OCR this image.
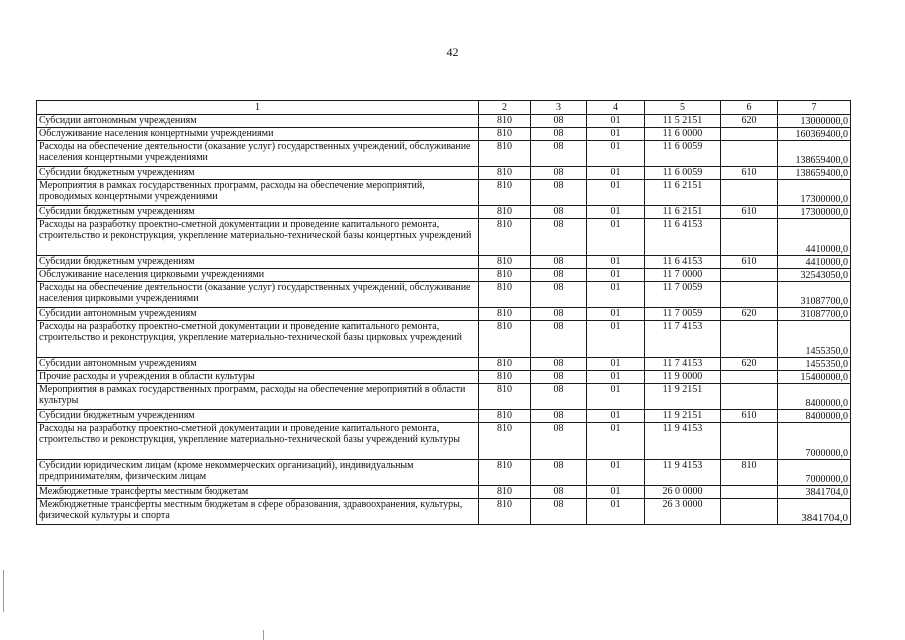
42
1	2	3	4	5	6	7
Субсидии автономным учреждениям	810	08	01	11 5 2151	620	13000000,0
Обслуживание населения концертными учреждениями	810	08	01	11 6 0000		160369400,0
Расходы на обеспечение деятельности (оказание услуг) государственных учреждений, обслуживание населения концертными учреждениями	810	08	01	11 6 0059		138659400,0
Субсидии бюджетным учреждениям	810	08	01	11 6 0059	610	138659400,0
Мероприятия в рамках государственных программ, расходы на обеспечение мероприятий, проводимых концертными учреждениями	810	08	01	11 6 2151		17300000,0
Субсидии бюджетным учреждениям	810	08	01	11 6 2151	610	17300000,0
Расходы на разработку проектно-сметной документации и проведение капитального ремонта, строительство и реконструкция, укрепление материально-технической базы концертных учреждений	810	08	01	11 6 4153		4410000,0
Субсидии бюджетным учреждениям	810	08	01	11 6 4153	610	4410000,0
Обслуживание населения цирковыми учреждениями	810	08	01	11 7 0000		32543050,0
Расходы на обеспечение деятельности (оказание услуг) государственных учреждений, обслуживание населения цирковыми учреждениями	810	08	01	11 7 0059		31087700,0
Субсидии автономным учреждениям	810	08	01	11 7 0059	620	31087700,0
Расходы на разработку проектно-сметной документации и проведение капитального ремонта, строительство и реконструкция, укрепление материально-технической базы цирковых учреждений	810	08	01	11 7 4153		1455350,0
Субсидии автономным учреждениям	810	08	01	11 7 4153	620	1455350,0
Прочие расходы и учреждения в области культуры	810	08	01	11 9 0000		15400000,0
Мероприятия в рамках государственных программ, расходы на обеспечение мероприятий в области культуры	810	08	01	11 9 2151		8400000,0
Субсидии бюджетным учреждениям	810	08	01	11 9 2151	610	8400000,0
Расходы на разработку проектно-сметной документации и проведение капитального ремонта, строительство и реконструкция, укрепление материально-технической базы учреждений культуры	810	08	01	11 9 4153		7000000,0
Субсидии юридическим лицам (кроме некоммерческих организаций), индивидуальным предпринимателям, физическим лицам	810	08	01	11 9 4153	810	7000000,0
Межбюджетные трансферты местным бюджетам	810	08	01	26 0 0000		3841704,0
Межбюджетные трансферты местным бюджетам в сфере образования, здравоохранения, культуры, физической культуры и спорта	810	08	01	26 3 0000		3841704,0
